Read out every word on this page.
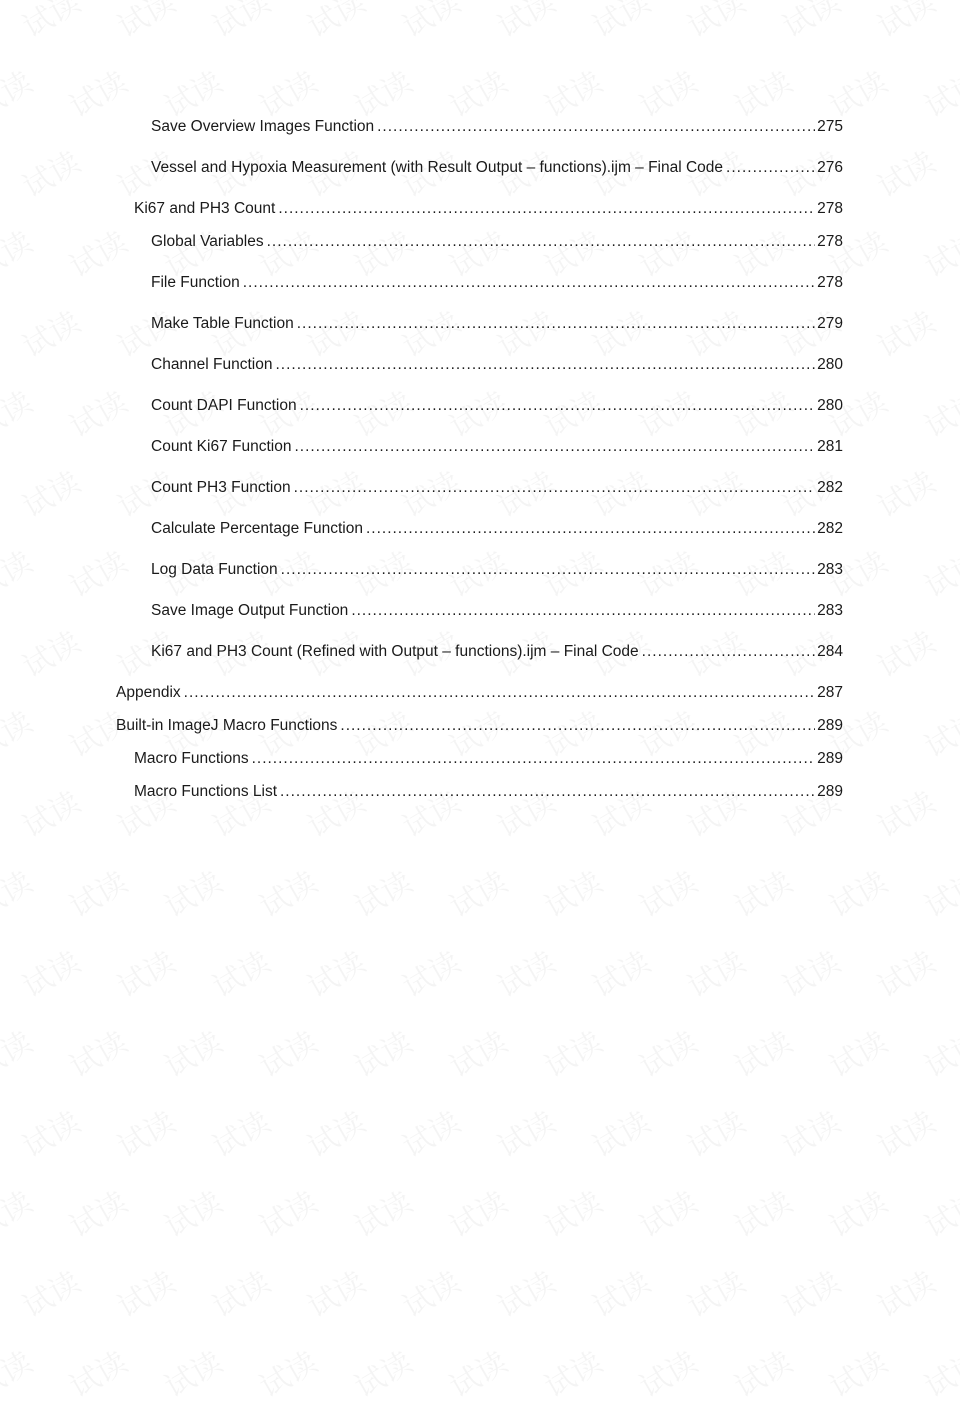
Save Overview Images Function .....	275
Vessel and Hypoxia Measurement (with Result Output – functions).ijm – Final Code .....	276
Ki67 and PH3 Count .....	278
Global Variables .....	278
File Function .....	278
Make Table Function .....	279
Channel Function .....	280
Count DAPI Function .....	280
Count Ki67 Function .....	281
Count PH3 Function .....	282
Calculate Percentage Function .....	282
Log Data Function .....	283
Save Image Output Function .....	283
Ki67 and PH3 Count (Refined with Output – functions).ijm – Final Code .....	284
Appendix .....	287
Built-in ImageJ Macro Functions .....	289
Macro Functions .....	289
Macro Functions List .....	289
